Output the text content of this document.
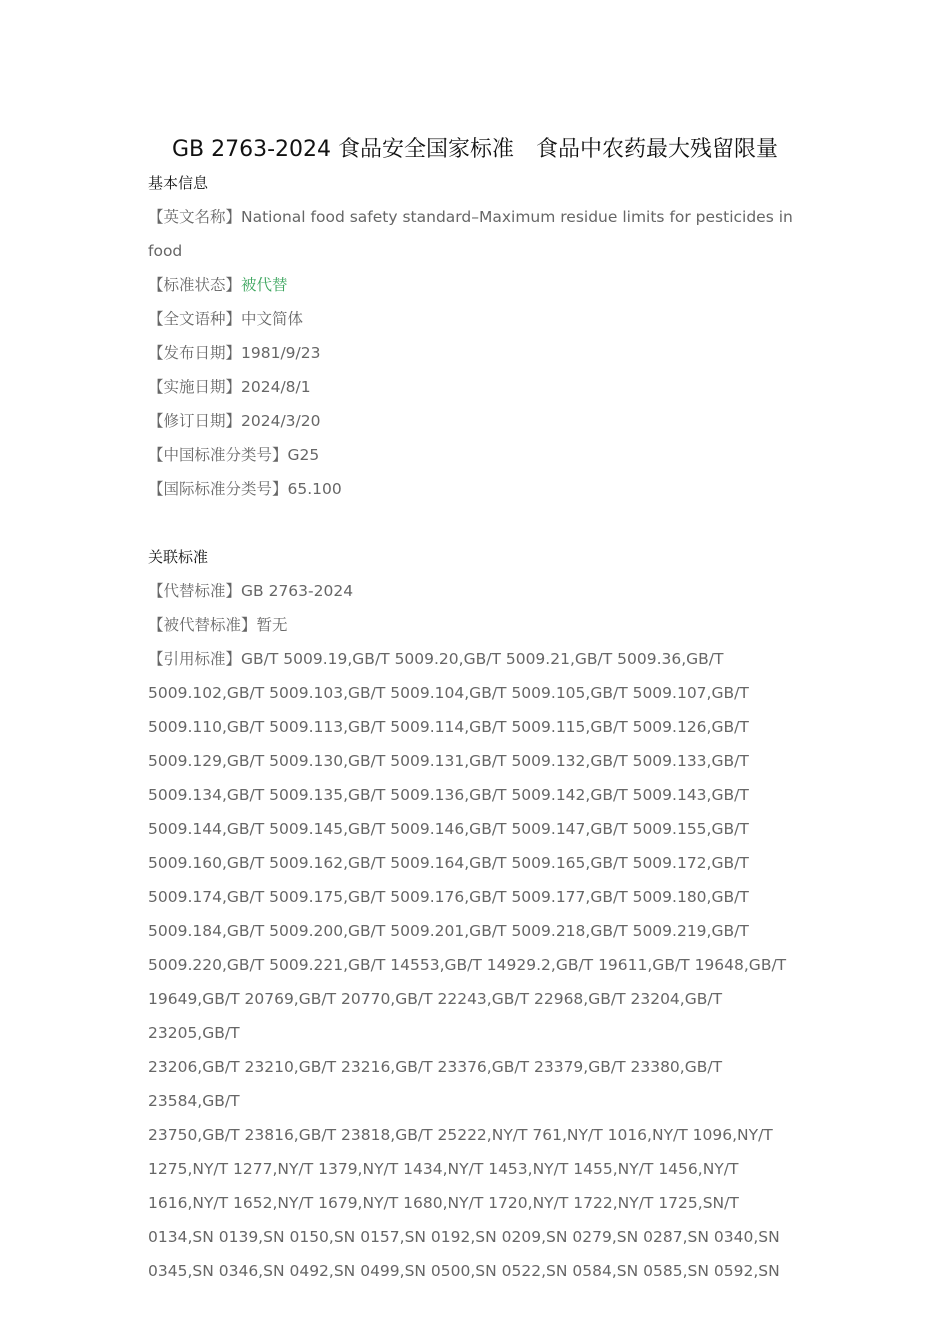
GB 2763-2024 食品安全国家标准　食品中农药最大残留限量
基本信息
【英文名称】National food safety standard–Maximum residue limits for pesticides in
food
【标准状态】被代替
【全文语种】中文简体
【发布日期】1981/9/23
【实施日期】2024/8/1
【修订日期】2024/3/20
【中国标准分类号】G25
【国际标准分类号】65.100
关联标准
【代替标准】GB 2763-2024
【被代替标准】暂无
【引用标准】GB/T 5009.19,GB/T 5009.20,GB/T 5009.21,GB/T 5009.36,GB/T
5009.102,GB/T 5009.103,GB/T 5009.104,GB/T 5009.105,GB/T 5009.107,GB/T
5009.110,GB/T 5009.113,GB/T 5009.114,GB/T 5009.115,GB/T 5009.126,GB/T
5009.129,GB/T 5009.130,GB/T 5009.131,GB/T 5009.132,GB/T 5009.133,GB/T
5009.134,GB/T 5009.135,GB/T 5009.136,GB/T 5009.142,GB/T 5009.143,GB/T
5009.144,GB/T 5009.145,GB/T 5009.146,GB/T 5009.147,GB/T 5009.155,GB/T
5009.160,GB/T 5009.162,GB/T 5009.164,GB/T 5009.165,GB/T 5009.172,GB/T
5009.174,GB/T 5009.175,GB/T 5009.176,GB/T 5009.177,GB/T 5009.180,GB/T
5009.184,GB/T 5009.200,GB/T 5009.201,GB/T 5009.218,GB/T 5009.219,GB/T
5009.220,GB/T 5009.221,GB/T 14553,GB/T 14929.2,GB/T 19611,GB/T 19648,GB/T
19649,GB/T 20769,GB/T 20770,GB/T 22243,GB/T 22968,GB/T 23204,GB/T 23205,GB/T
23206,GB/T 23210,GB/T 23216,GB/T 23376,GB/T 23379,GB/T 23380,GB/T 23584,GB/T
23750,GB/T 23816,GB/T 23818,GB/T 25222,NY/T 761,NY/T 1016,NY/T 1096,NY/T
1275,NY/T 1277,NY/T 1379,NY/T 1434,NY/T 1453,NY/T 1455,NY/T 1456,NY/T
1616,NY/T 1652,NY/T 1679,NY/T 1680,NY/T 1720,NY/T 1722,NY/T 1725,SN/T
0134,SN 0139,SN 0150,SN 0157,SN 0192,SN 0209,SN 0279,SN 0287,SN 0340,SN
0345,SN 0346,SN 0492,SN 0499,SN 0500,SN 0522,SN 0584,SN 0585,SN 0592,SN
